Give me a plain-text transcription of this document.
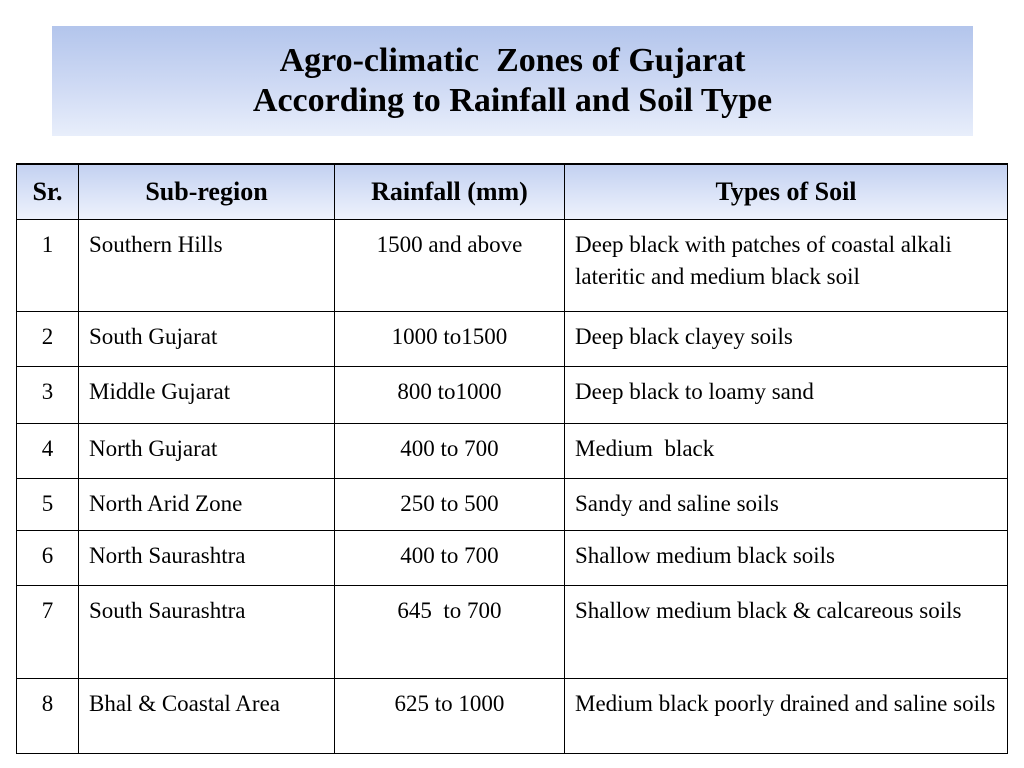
Agro-climatic  Zones of Gujarat
According to Rainfall and Soil Type
Sr.	Sub-region	Rainfall (mm)	Types of Soil
1	Southern Hills	1500 and above	Deep black with patches of coastal alkali lateritic and medium black soil
2	South Gujarat	1000 to1500	Deep black clayey soils
3	Middle Gujarat	800 to1000	Deep black to loamy sand
4	North Gujarat	400 to 700	Medium  black
5	North Arid Zone	250 to 500	Sandy and saline soils
6	North Saurashtra	400 to 700	Shallow medium black soils
7	South Saurashtra	645  to 700	Shallow medium black & calcareous soils
8	Bhal & Coastal Area	625 to 1000	Medium black poorly drained and saline soils
